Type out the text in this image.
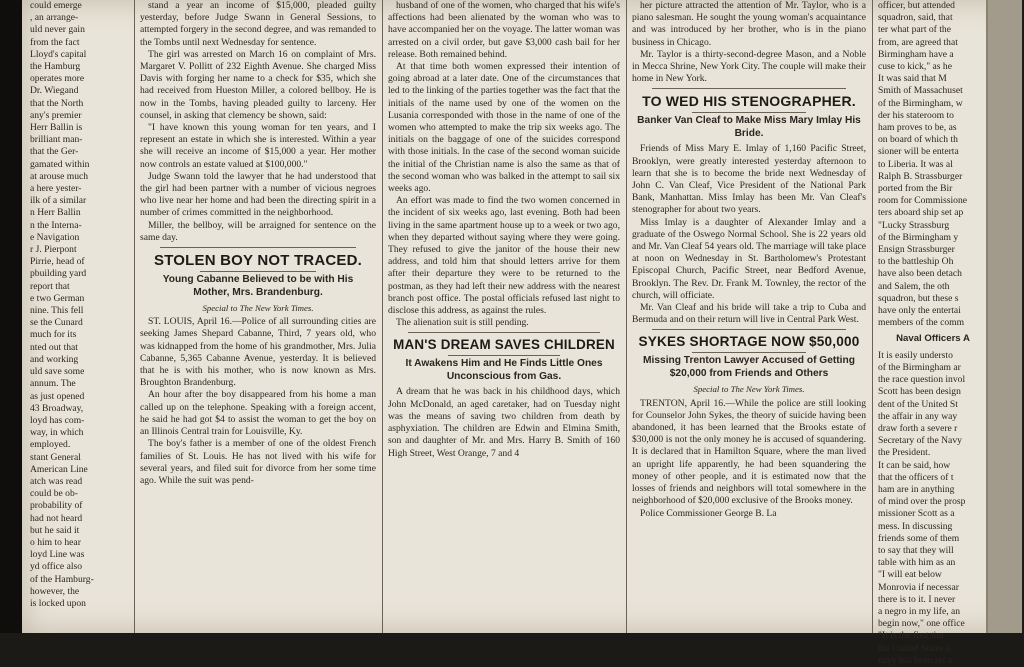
could emerge
, an arrange-
uld never gain
from the fact
Lloyd's capital
the Hamburg
operates more
Dr. Wiegand
that the North
any's premier
Herr Ballin is
brilliant man-
that the Ger-
gamated within
at arouse much
a here yester-
ilk of a similar
n Herr Ballin
n the Interna-
e Navigation
r J. Pierpont
Pirrie, head of
pbuilding yard
report that
e two German
nine. This fell
se the Cunard
much for its
nted out that
and working
uld save some
annum. The
as just opened
43 Broadway,
loyd has com-
way, in which
employed.
stant General
American Line
atch was read
could be ob-
probability of
had not heard
but he said it
o him to hear
loyd Line was
yd office also
of the Hamburg-
however, the
is locked upon

stand a year an income of $15,000, pleaded guilty yesterday, before Judge Swann in General Sessions, to attempted forgery in the second degree, and was remanded to the Tombs until next Wednesday for sentence.

The girl was arrested on March 16 on complaint of Mrs. Margaret V. Pollitt of 232 Eighth Avenue. She charged Miss Davis with forging her name to a check for $35, which she had received from Hueston Miller, a colored bellboy. He is now in the Tombs, having pleaded guilty to larceny. Her counsel, in asking that clemency be shown, said:

"I have known this young woman for ten years, and I represent an estate in which she is interested. Within a year she will receive an income of $15,000 a year. Her mother now controls an estate valued at $100,000."

Judge Swann told the lawyer that he had understood that the girl had been partner with a number of vicious negroes who live near her home and had been the directing spirit in a number of crimes committed in the neighborhood.

Miller, the bellboy, will be arraigned for sentence on the same day.

STOLEN BOY NOT TRACED.
Young Cabanne Believed to be with His Mother, Mrs. Brandenburg.
Special to The New York Times.

ST. LOUIS, April 16.—Police of all surrounding cities are seeking James Shepard Cabanne, Third, 7 years old, who was kidnapped from the home of his grandmother, Mrs. Julia Cabanne, 5,365 Cabanne Avenue, yesterday. It is believed that he is with his mother, who is now known as Mrs. Broughton Brandenburg.

An hour after the boy disappeared from his home a man called up on the telephone. Speaking with a foreign accent, he said he had got $4 to assist the woman to get the boy on an Illinois Central train for Louisville, Ky.

The boy's father is a member of one of the oldest French families of St. Louis. He has not lived with his wife for several years, and filed suit for divorce from her some time ago. While the suit was pend-

husband of one of the women, who charged that his wife's affections had been alienated by the woman who was to have accompanied her on the voyage. The latter woman was arrested on a civil order, but gave $3,000 cash bail for her release. Both remained behind.

At that time both women expressed their intention of going abroad at a later date. One of the circumstances that led to the linking of the parties together was the fact that the initials of the name used by one of the women on the Lusania corresponded with those in the name of one of the women who attempted to make the trip six weeks ago. The initials on the baggage of one of the suicides correspond with those initials. In the case of the second woman suicide the initial of the Christian name is also the same as that of the second woman who was balked in the attempt to sail six weeks ago.

An effort was made to find the two women concerned in the incident of six weeks ago, last evening. Both had been living in the same apartment house up to a week or two ago, when they departed without saying where they were going. They refused to give the janitor of the house their new address, and told him that should letters arrive for them after their departure they were to be returned to the postman, as they had left their new address with the nearest branch post office. The postal officials refused last night to disclose this address, as against the rules.

The alienation suit is still pending.

MAN'S DREAM SAVES CHILDREN
It Awakens Him and He Finds Little Ones Unconscious from Gas.

A dream that he was back in his childhood days, which John McDonald, an aged caretaker, had on Tuesday night was the means of saving two children from death by asphyxiation. The children are Edwin and Elmina Smith, son and daughter of Mr. and Mrs. Harry B. Smith of 160 High Street, West Orange, 7 and 4

her picture attracted the attention of Mr. Taylor, who is a piano salesman. He sought the young woman's acquaintance and was introduced by her brother, who is in the piano business in Chicago.

Mr. Taylor is a thirty-second-degree Mason, and a Noble in Mecca Shrine, New York City. The couple will make their home in New York.

TO WED HIS STENOGRAPHER.
Banker Van Cleaf to Make Miss Mary Imlay His Bride.

Friends of Miss Mary E. Imlay of 1,160 Pacific Street, Brooklyn, were greatly interested yesterday afternoon to learn that she is to become the bride next Wednesday of John C. Van Cleaf, Vice President of the National Park Bank, Manhattan. Miss Imlay has been Mr. Van Cleaf's stenographer for about two years.

Miss Imlay is a daughter of Alexander Imlay and a graduate of the Oswego Normal School. She is 22 years old and Mr. Van Cleaf 54 years old. The marriage will take place at noon on Wednesday in St. Bartholomew's Protestant Episcopal Church, Pacific Street, near Bedford Avenue, Brooklyn. The Rev. Dr. Frank M. Townley, the rector of the church, will officiate.

Mr. Van Cleaf and his bride will take a trip to Cuba and Bermuda and on their return will live in Central Park West.

SYKES SHORTAGE NOW $50,000
Missing Trenton Lawyer Accused of Getting $20,000 from Friends and Others
Special to The New York Times.

TRENTON, April 16.—While the police are still looking for Counselor John Sykes, the theory of suicide having been abandoned, it has been learned that the Brooks estate of $30,000 is not the only money he is accused of squandering. It is declared that in Hamilton Square, where the man lived an upright life apparently, he had been squandering the money of other people, and it is estimated now that the losses of friends and neighbors will total somewhere in the neighborhood of $20,000 exclusive of the Brooks money.

Police Commissioner George B. La

officer, but attended
squadron, said, that
ter what part of the
from, are agreed that
Birmingham have a
cuse to kick," as he
It was said that M
Smith of Massachuset
of the Birmingham, w
der his stateroom to
ham proves to be, as
on board of which th
sioner will be enterta
to Liberia. It was al
Ralph B. Strassburger
ported from the Bir
room for Commissione
ters aboard ship set ap
"Lucky Strassburg
of the Birmingham y
Ensign Strassburger
to the battleship Oh
have also been detach
and Salem, the oth
squadron, but these s
have only the entertai
members of the comm
Naval Officers A
It is easily understo
of the Birmingham ar
the race question invol
Scott has been design
dent of the United St
the affair in any way
draw forth a severe r
Secretary of the Navy
the President.
It can be said, how
that the officers of t
ham are in anything
of mind over the prosp
missioner Scott as a
mess. In discussing
friends some of them
to say that they will
table with him as an
"I will eat below
Monrovia if necessar
there is to it. I never
a negro in my life, an
begin now," one office
"It is the first tim
the United States h
navy has been set a
